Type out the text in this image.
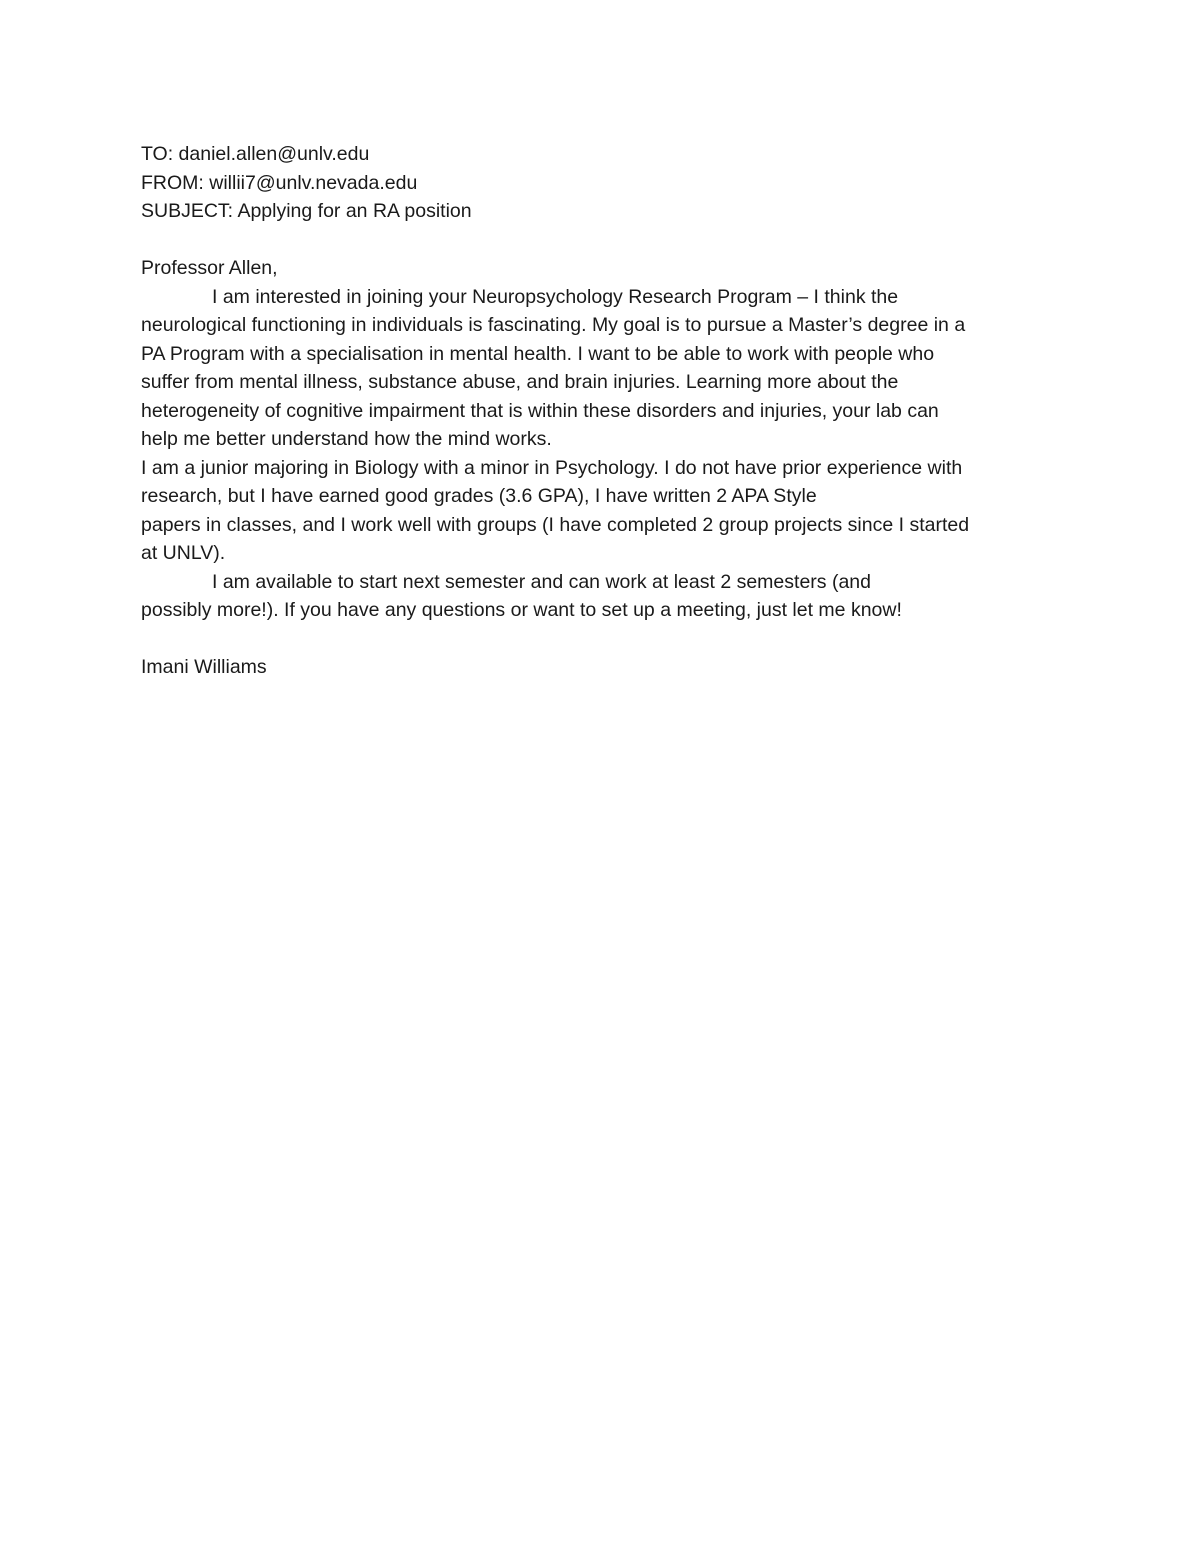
TO: daniel.allen@unlv.edu
FROM: willii7@unlv.nevada.edu
SUBJECT: Applying for an RA position
Professor Allen,
I am interested in joining your Neuropsychology Research Program – I think the
neurological functioning in individuals is fascinating. My goal is to pursue a Master’s degree in a
PA Program with a specialisation in mental health. I want to be able to work with people who
suffer from mental illness, substance abuse, and brain injuries. Learning more about the
heterogeneity of cognitive impairment that is within these disorders and injuries, your lab can
help me better understand how the mind works.
I am a junior majoring in Biology with a minor in Psychology. I do not have prior experience with
research, but I have earned good grades (3.6 GPA), I have written 2 APA Style
papers in classes, and I work well with groups (I have completed 2 group projects since I started
at UNLV).
I am available to start next semester and can work at least 2 semesters (and
possibly more!). If you have any questions or want to set up a meeting, just let me know!
Imani Williams
